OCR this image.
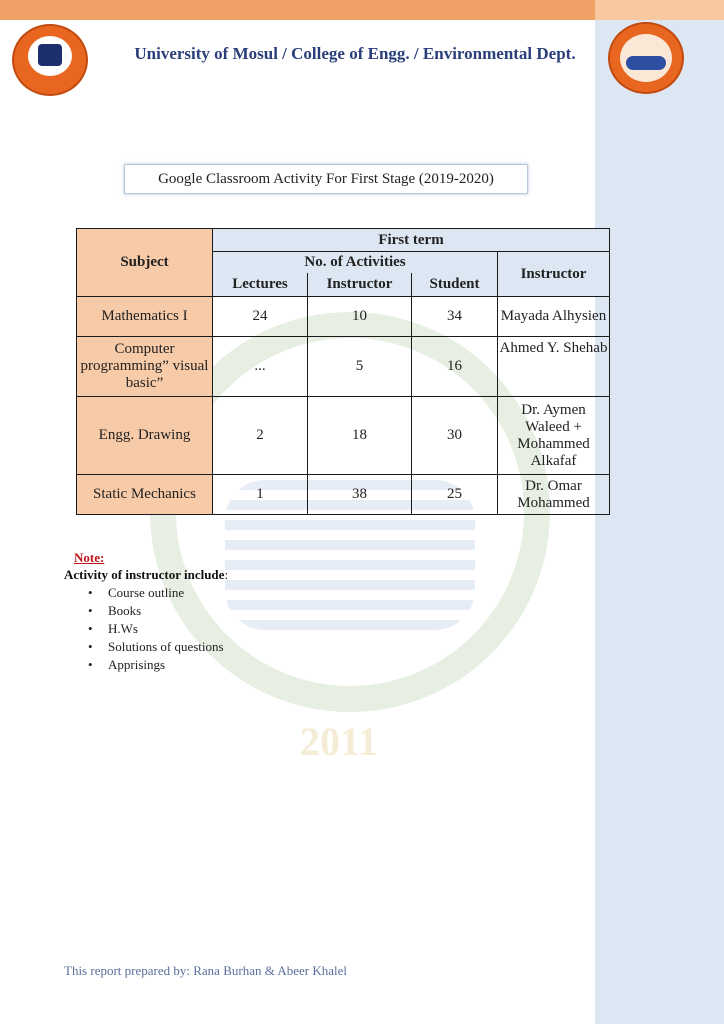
University of Mosul / College of Engg. / Environmental Dept.
2011
Google Classroom Activity For First Stage (2019-2020)
Subject	First term			
	No. of Activities			Instructor
	Lectures	Instructor	Student	
Mathematics I	24	10	34	Mayada Alhysien
Computer programming” visual basic”	...	5	16	Ahmed Y. Shehab
Engg. Drawing	2	18	30	Dr. Aymen Waleed + Mohammed Alkafaf
Static Mechanics	1	38	25	Dr. Omar Mohammed
Note:
Activity of instructor include:
• Course outline
• Books
• H.Ws
• Solutions of questions
• Apprisings
This report prepared by: Rana Burhan & Abeer Khalel
